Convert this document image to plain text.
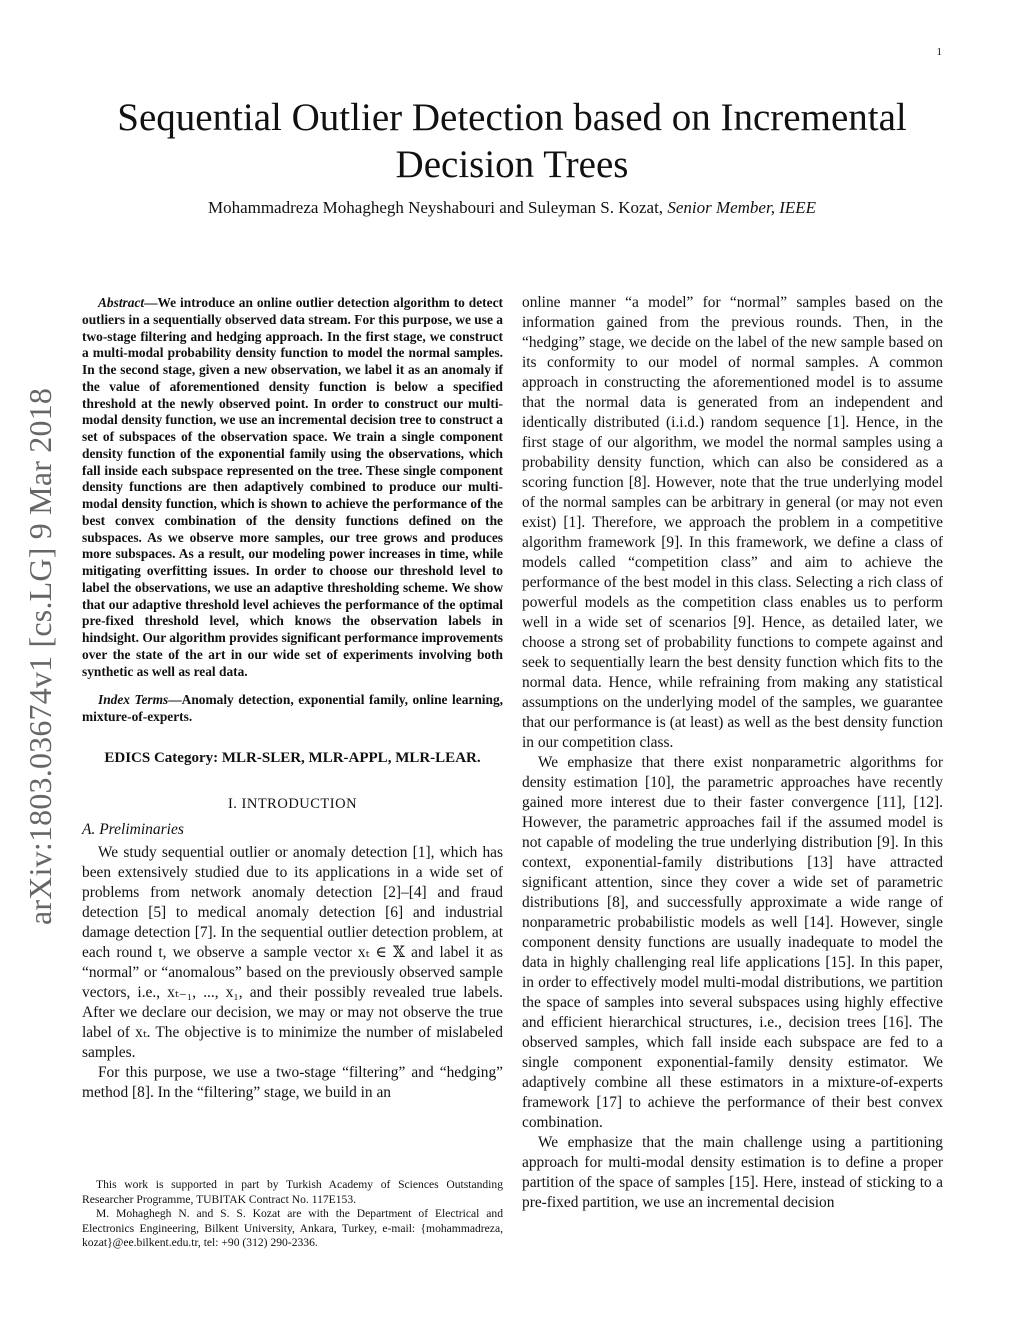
1
Sequential Outlier Detection based on Incremental Decision Trees
Mohammadreza Mohaghegh Neyshabouri and Suleyman S. Kozat, Senior Member, IEEE
arXiv:1803.03674v1 [cs.LG] 9 Mar 2018

Abstract—We introduce an online outlier detection algorithm to detect outliers in a sequentially observed data stream. For this purpose, we use a two-stage filtering and hedging approach. In the first stage, we construct a multi-modal probability density function to model the normal samples. In the second stage, given a new observation, we label it as an anomaly if the value of aforementioned density function is below a specified threshold at the newly observed point. In order to construct our multi-modal density function, we use an incremental decision tree to construct a set of subspaces of the observation space. We train a single component density function of the exponential family using the observations, which fall inside each subspace represented on the tree. These single component density functions are then adaptively combined to produce our multi-modal density function, which is shown to achieve the performance of the best convex combination of the density functions defined on the subspaces. As we observe more samples, our tree grows and produces more subspaces. As a result, our modeling power increases in time, while mitigating overfitting issues. In order to choose our threshold level to label the observations, we use an adaptive thresholding scheme. We show that our adaptive threshold level achieves the performance of the optimal pre-fixed threshold level, which knows the observation labels in hindsight. Our algorithm provides significant performance improvements over the state of the art in our wide set of experiments involving both synthetic as well as real data.

Index Terms—Anomaly detection, exponential family, online learning, mixture-of-experts.

EDICS Category: MLR-SLER, MLR-APPL, MLR-LEAR.

I. INTRODUCTION
A. Preliminaries

We study sequential outlier or anomaly detection [1], which has been extensively studied due to its applications in a wide set of problems from network anomaly detection [2]–[4] and fraud detection [5] to medical anomaly detection [6] and industrial damage detection [7]. In the sequential outlier detection problem, at each round t, we observe a sample vector xₜ ∈ 𝕏 and label it as “normal” or “anomalous” based on the previously observed sample vectors, i.e., xₜ₋₁, ..., x₁, and their possibly revealed true labels. After we declare our decision, we may or may not observe the true label of xₜ. The objective is to minimize the number of mislabeled samples.

For this purpose, we use a two-stage “filtering” and “hedging” method [8]. In the “filtering” stage, we build in an

online manner “a model” for “normal” samples based on the information gained from the previous rounds. Then, in the “hedging” stage, we decide on the label of the new sample based on its conformity to our model of normal samples. A common approach in constructing the aforementioned model is to assume that the normal data is generated from an independent and identically distributed (i.i.d.) random sequence [1]. Hence, in the first stage of our algorithm, we model the normal samples using a probability density function, which can also be considered as a scoring function [8]. However, note that the true underlying model of the normal samples can be arbitrary in general (or may not even exist) [1]. Therefore, we approach the problem in a competitive algorithm framework [9]. In this framework, we define a class of models called “competition class” and aim to achieve the performance of the best model in this class. Selecting a rich class of powerful models as the competition class enables us to perform well in a wide set of scenarios [9]. Hence, as detailed later, we choose a strong set of probability functions to compete against and seek to sequentially learn the best density function which fits to the normal data. Hence, while refraining from making any statistical assumptions on the underlying model of the samples, we guarantee that our performance is (at least) as well as the best density function in our competition class.

We emphasize that there exist nonparametric algorithms for density estimation [10], the parametric approaches have recently gained more interest due to their faster convergence [11], [12]. However, the parametric approaches fail if the assumed model is not capable of modeling the true underlying distribution [9]. In this context, exponential-family distributions [13] have attracted significant attention, since they cover a wide set of parametric distributions [8], and successfully approximate a wide range of nonparametric probabilistic models as well [14]. However, single component density functions are usually inadequate to model the data in highly challenging real life applications [15]. In this paper, in order to effectively model multi-modal distributions, we partition the space of samples into several subspaces using highly effective and efficient hierarchical structures, i.e., decision trees [16]. The observed samples, which fall inside each subspace are fed to a single component exponential-family density estimator. We adaptively combine all these estimators in a mixture-of-experts framework [17] to achieve the performance of their best convex combination.

We emphasize that the main challenge using a partitioning approach for multi-modal density estimation is to define a proper partition of the space of samples [15]. Here, instead of sticking to a pre-fixed partition, we use an incremental decision

This work is supported in part by Turkish Academy of Sciences Outstanding Researcher Programme, TUBITAK Contract No. 117E153.

M. Mohaghegh N. and S. S. Kozat are with the Department of Electrical and Electronics Engineering, Bilkent University, Ankara, Turkey, e-mail: {mohammadreza, kozat}@ee.bilkent.edu.tr, tel: +90 (312) 290-2336.
